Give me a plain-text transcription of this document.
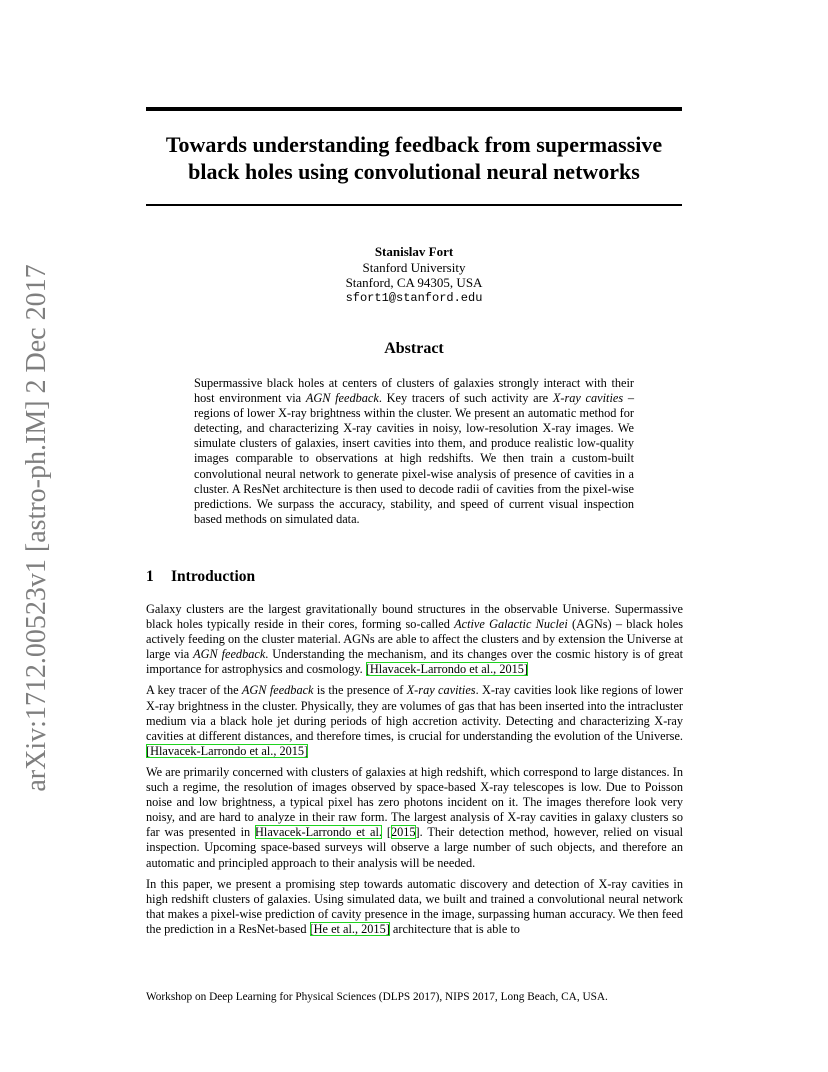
arXiv:1712.00523v1 [astro-ph.IM] 2 Dec 2017
Towards understanding feedback from supermassive black holes using convolutional neural networks
Stanislav Fort
Stanford University
Stanford, CA 94305, USA
sfort1@stanford.edu
Abstract

Supermassive black holes at centers of clusters of galaxies strongly interact with their host environment via AGN feedback. Key tracers of such activity are X-ray cavities – regions of lower X-ray brightness within the cluster. We present an automatic method for detecting, and characterizing X-ray cavities in noisy, low-resolution X-ray images. We simulate clusters of galaxies, insert cavities into them, and produce realistic low-quality images comparable to observations at high redshifts. We then train a custom-built convolutional neural network to generate pixel-wise analysis of presence of cavities in a cluster. A ResNet architecture is then used to decode radii of cavities from the pixel-wise predictions. We surpass the accuracy, stability, and speed of current visual inspection based methods on simulated data.

1 Introduction

Galaxy clusters are the largest gravitationally bound structures in the observable Universe. Supermassive black holes typically reside in their cores, forming so-called Active Galactic Nuclei (AGNs) – black holes actively feeding on the cluster material. AGNs are able to affect the clusters and by extension the Universe at large via AGN feedback. Understanding the mechanism, and its changes over the cosmic history is of great importance for astrophysics and cosmology. [Hlavacek-Larrondo et al., 2015]

A key tracer of the AGN feedback is the presence of X-ray cavities. X-ray cavities look like regions of lower X-ray brightness in the cluster. Physically, they are volumes of gas that has been inserted into the intracluster medium via a black hole jet during periods of high accretion activity. Detecting and characterizing X-ray cavities at different distances, and therefore times, is crucial for understanding the evolution of the Universe. [Hlavacek-Larrondo et al., 2015]

We are primarily concerned with clusters of galaxies at high redshift, which correspond to large distances. In such a regime, the resolution of images observed by space-based X-ray telescopes is low. Due to Poisson noise and low brightness, a typical pixel has zero photons incident on it. The images therefore look very noisy, and are hard to analyze in their raw form. The largest analysis of X-ray cavities in galaxy clusters so far was presented in Hlavacek-Larrondo et al. [2015]. Their detection method, however, relied on visual inspection. Upcoming space-based surveys will observe a large number of such objects, and therefore an automatic and principled approach to their analysis will be needed.

In this paper, we present a promising step towards automatic discovery and detection of X-ray cavities in high redshift clusters of galaxies. Using simulated data, we built and trained a convolutional neural network that makes a pixel-wise prediction of cavity presence in the image, surpassing human accuracy. We then feed the prediction in a ResNet-based [He et al., 2015] architecture that is able to

Workshop on Deep Learning for Physical Sciences (DLPS 2017), NIPS 2017, Long Beach, CA, USA.
